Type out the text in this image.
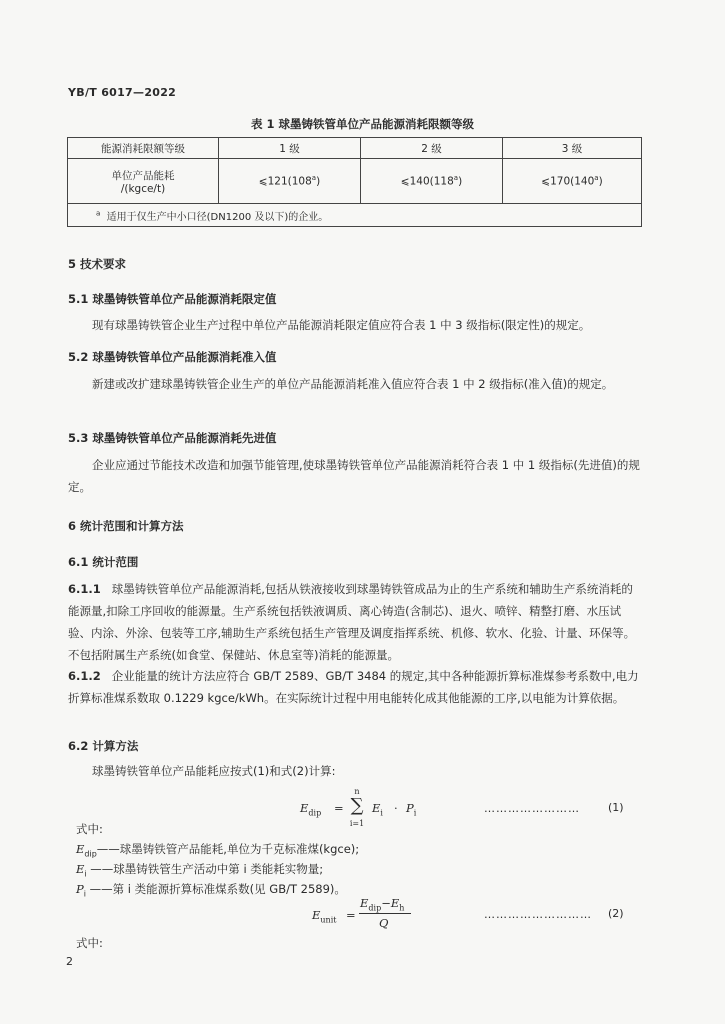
YB/T 6017—2022
表 1 球墨铸铁管单位产品能源消耗限额等级
能源消耗限额等级	1 级	2 级	3 级

单位产品能耗
/(kgce/t)	⩽121(108$^a$)	⩽140(118$^a$)	⩽170(140$^a$)
$^a$ 适用于仅生产中小口径(DN1200 及以下)的企业。			
5 技术要求
5.1 球墨铸铁管单位产品能源消耗限定值
现有球墨铸铁管企业生产过程中单位产品能源消耗限定值应符合表 1 中 3 级指标(限定性)的规定。
5.2 球墨铸铁管单位产品能源消耗准入值
新建或改扩建球墨铸铁管企业生产的单位产品能源消耗准入值应符合表 1 中 2 级指标(准入值)的规定。
5.3 球墨铸铁管单位产品能源消耗先进值
企业应通过节能技术改造和加强节能管理,使球墨铸铁管单位产品能源消耗符合表 1 中 1 级指标(先进值)的规定。
6 统计范围和计算方法
6.1 统计范围
6.1.1 球墨铸铁管单位产品能源消耗,包括从铁液接收到球墨铸铁管成品为止的生产系统和辅助生产系统消耗的能源量,扣除工序回收的能源量。生产系统包括铁液调质、离心铸造(含制芯)、退火、喷锌、精整打磨、水压试验、内涂、外涂、包装等工序,辅助生产系统包括生产管理及调度指挥系统、机修、软水、化验、计量、环保等。不包括附属生产系统(如食堂、保健站、休息室等)消耗的能源量。
6.1.2 企业能量的统计方法应符合 GB/T 2589、GB/T 3484 的规定,其中各种能源折算标准煤参考系数中,电力折算标准煤系数取 0.1229 kgce/kWh。在实际统计过程中用电能转化成其他能源的工序,以电能为计算依据。
6.2 计算方法
球墨铸铁管单位产品能耗应按式(1)和式(2)计算:
$E_{dip}$ =
n
∑
i=1
$E_i \cdot P_i$	……………………	(1)
式中:
$E_{dip}——$球墨铸铁管产品能耗,单位为千克标准煤(kgce);
$E_i$ ——球墨铸铁管生产活动中第 i 类能耗实物量;
$P_i$ ——第 i 类能源折算标准煤系数(见 GB/T 2589)。
$E_{unit}$ =
$E_{dip}-E_h$
Q
……………………… (2)
式中:
2
